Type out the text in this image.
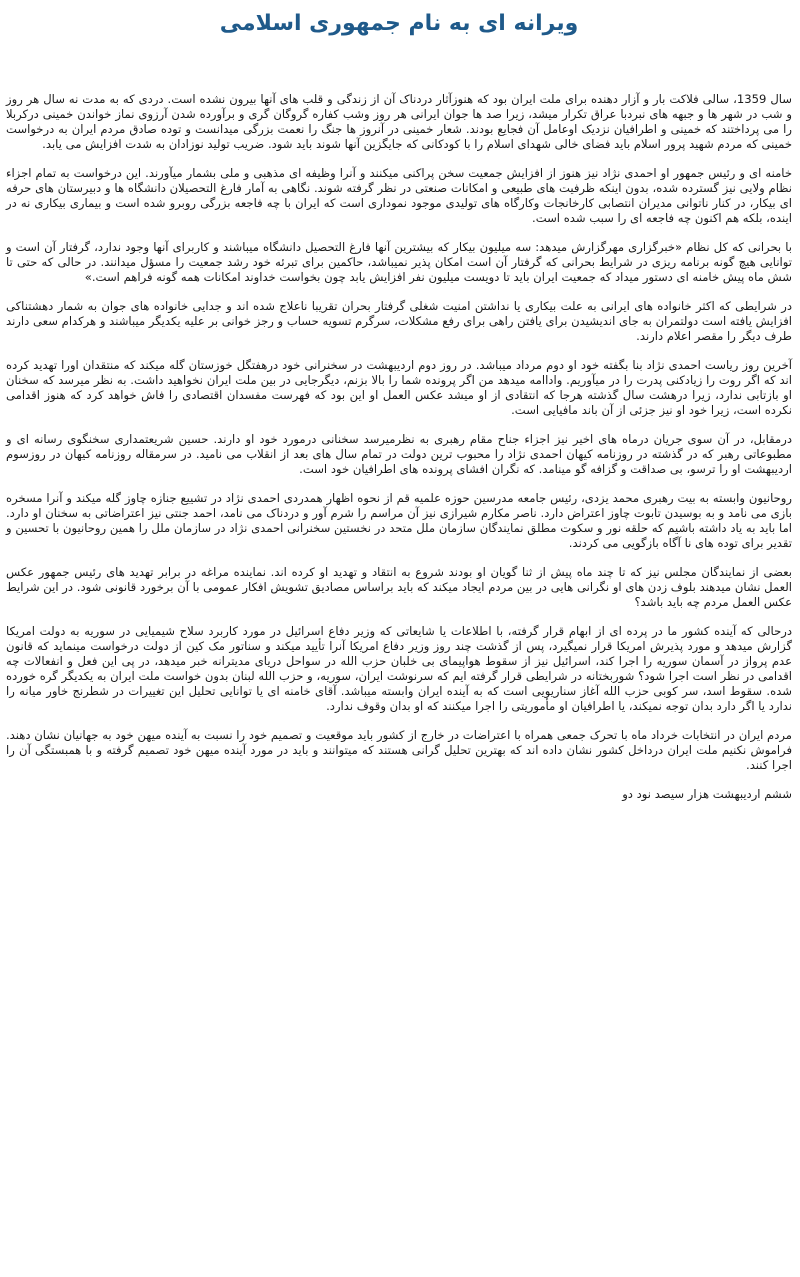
ویرانه ای به نام جمهوری اسلامی

سال 1359، سالی فلاکت بار و آزار دهنده برای ملت ایران بود که هنوزآثار دردناک آن از زندگی و قلب های آنها بیرون نشده است. دردی که به مدت نه سال هر روز و شب در شهر ها و جبهه های نبردبا عراق تکرار میشد، زیرا صد ها جوان ایرانی هر روز وشب کفاره گروگان گری و برآورده شدن آرزوی نماز خواندن خمینی درکربلا را می پرداختند که خمینی و اطرافیان نزدیک اوعامل آن فجایع بودند. شعار خمینی در آنروز ها جنگ را نعمت بزرگی میدانست و توده صادق مردم ایران به درخواست خمینی که مردم شهید پرور اسلام باید فضای خالی شهدای اسلام را با کودکانی که جایگزین آنها شوند باید شود. ضریب تولید نوزادان به شدت افزایش می یابد.

خامنه ای و رئیس جمهور او احمدی نژاد نیز هنوز از افزایش جمعیت سخن پراکنی میکنند و آنرا وظیفه ای مذهبی و ملی بشمار میآورند. این درخواست به تمام اجزاء نظام ولایی نیز گسترده شده، بدون اینکه ظرفیت های طبیعی و امکانات صنعتی در نظر گرفته شوند. نگاهی به آمار فارغ التحصیلان دانشگاه ها و دبیرستان های حرفه ای بیکار، در کنار ناتوانی مدیران انتصابی کارخانجات وکارگاه های تولیدی موجود نموداری است که ایران با چه فاجعه بزرگی روبرو شده است و بیماری بیکاری نه در اینده، بلکه هم اکنون چه فاجعه ای را سبب شده است.

با بحرانی که کل نظام «خبرگزاری مهرگزارش میدهد: سه میلیون بیکار که بیشترین آنها فارغ التحصیل دانشگاه میباشند و کاربرای آنها وجود ندارد، گرفتار آن است و توانایی هیچ گونه برنامه ریزی در شرایط بحرانی که گرفتار آن است امکان پذیر نمیباشد، حاکمین برای تبرئه خود رشد جمعیت را مسؤل میدانند. در حالی که حتی تا شش ماه پیش خامنه ای دستور میداد که جمعیت ایران باید تا دویست میلیون نفر افزایش یابد چون بخواست خداوند امکانات همه گونه فراهم است.»

در شرایطی که اکثر خانواده های ایرانی به علت بیکاری یا نداشتن امنیت شغلی گرفتار بحران تقریبا ناعلاج شده اند و جدایی خانواده های جوان به شمار دهشتناکی افزایش یافته است دولتمران به جای اندیشیدن برای یافتن راهی برای رفع مشکلات، سرگرم تسویه حساب و رجز خوانی بر علیه یکدیگر میباشند و هرکدام سعی دارند طرف دیگر را مقصر اعلام دارند.

آخرین روز ریاست احمدی نژاد بنا بگفته خود او دوم مرداد میباشد. در روز دوم اردیبهشت در سخنرانی خود درهفتگل خوزستان گله میکند که منتقدان اورا تهدید کرده اند که اگر روت را زیادکنی پدرت را در میآوریم. واداامه میدهد من اگر پرونده شما را بالا بزنم، دیگرجایی در بین ملت ایران نخواهید داشت. به نظر میرسد که سخنان او بازتابی ندارد، زیرا درهشت سال گذشته هرجا که انتقادی از او میشد عکس العمل او این بود که فهرست مفسدان اقتصادی را فاش خواهد کرد که هنوز اقدامی نکرده است، زیرا خود او نیز جزئی از آن باند مافیایی است.

درمقابل، در آن سوی جریان درماه های اخیر نیز اجزاء جناح مقام رهبری به نظرمیرسد سخنانی درمورد خود او دارند. حسین شریعتمداری سخنگوی رسانه ای و مطبوعاتی رهبر که در گذشته در روزنامه کیهان احمدی نژاد را محبوب ترین دولت در تمام سال های بعد از انقلاب می نامید. در سرمقاله روزنامه کیهان در روزسوم اردیبهشت او را ترسو، بی صداقت و گزافه گو مینامد. که نگران افشای پرونده های اطرافیان خود است.

روحانیون وابسته به بیت رهبری محمد یزدی، رئیس جامعه مدرسین حوزه علمیه قم از نحوه اظهار همدردی احمدی نژاد در تشییع جنازه چاوز گله میکند و آنرا مسخره بازی می نامد و به بوسیدن تابوت چاوز اعتراض دارد. ناصر مکارم شیرازی نیز آن مراسم را شرم آور و دردناک می نامد، احمد جنتی نیز اعتراضاتی به سخنان او دارد. اما باید به یاد داشته باشیم که حلقه نور و سکوت مطلق نمایندگان سازمان ملل متحد در نخستین سخنرانی احمدی نژاد در سازمان ملل را همین روحانیون با تحسین و تقدیر برای توده های نا آگاه بازگویی می کردند.

بعضی از نمایندگان مجلس نیز که تا چند ماه پیش از ثنا گویان او بودند شروع به انتقاد و تهدید او کرده اند. نماینده مراغه در برابر تهدید های رئیس جمهور عکس العمل نشان میدهند بلوف زدن های او نگرانی هایی در بین مردم ایجاد میکند که باید براساس مصادیق تشویش افکار عمومی با آن برخورد قانونی شود. در این شرایط عکس العمل مردم چه باید باشد؟

درحالی که آینده کشور ما در پرده ای از ابهام قرار گرفته، با اطلاعات یا شایعاتی که وزیر دفاع اسرائیل در مورد کاربرد سلاح شیمیایی در سوریه به دولت امریکا گزارش میدهد و مورد پذیرش امریکا قرار نمیگیرد، پس از گذشت چند روز وزیر دفاع امریکا آنرا تأیید میکند و سناتور مک کین از دولت درخواست مینماید که قانون عدم پرواز در آسمان سوریه را اجرا کند، اسرائیل نیز از سقوط هواپیمای بی خلبان حزب الله در سواحل دریای مدیترانه خبر میدهد، در پی این فعل و انفعالات چه اقدامی در نظر است اجرا شود؟ شوربختانه در شرایطی قرار گرفته ایم که سرنوشت ایران، سوریه، و حزب الله لبنان بدون خواست ملت ایران به یکدیگر گره خورده شده. سقوط اسد، سر کوبی حزب الله آغاز سناریویی است که به آینده ایران وابسته میباشد. آقای خامنه ای یا توانایی تحلیل این تغییرات در شطرنج خاور میانه را ندارد یا اگر دارد بدان توجه نمیکند، یا اطرافیان او مأموریتی را اجرا میکنند که او بدان وقوف ندارد.

مردم ایران در انتخابات خرداد ماه با تحرک جمعی همراه با اعتراضات در خارج از کشور باید موقعیت و تصمیم خود را نسبت به آینده میهن خود به جهانیان نشان دهند. فراموش نکنیم ملت ایران درداخل کشور نشان داده اند که بهترین تحلیل گرانی هستند که میتوانند و باید در مورد آینده میهن خود تصمیم گرفته و با همبستگی آن را اجرا کنند.

ششم اردیبهشت هزار سیصد نود دو
